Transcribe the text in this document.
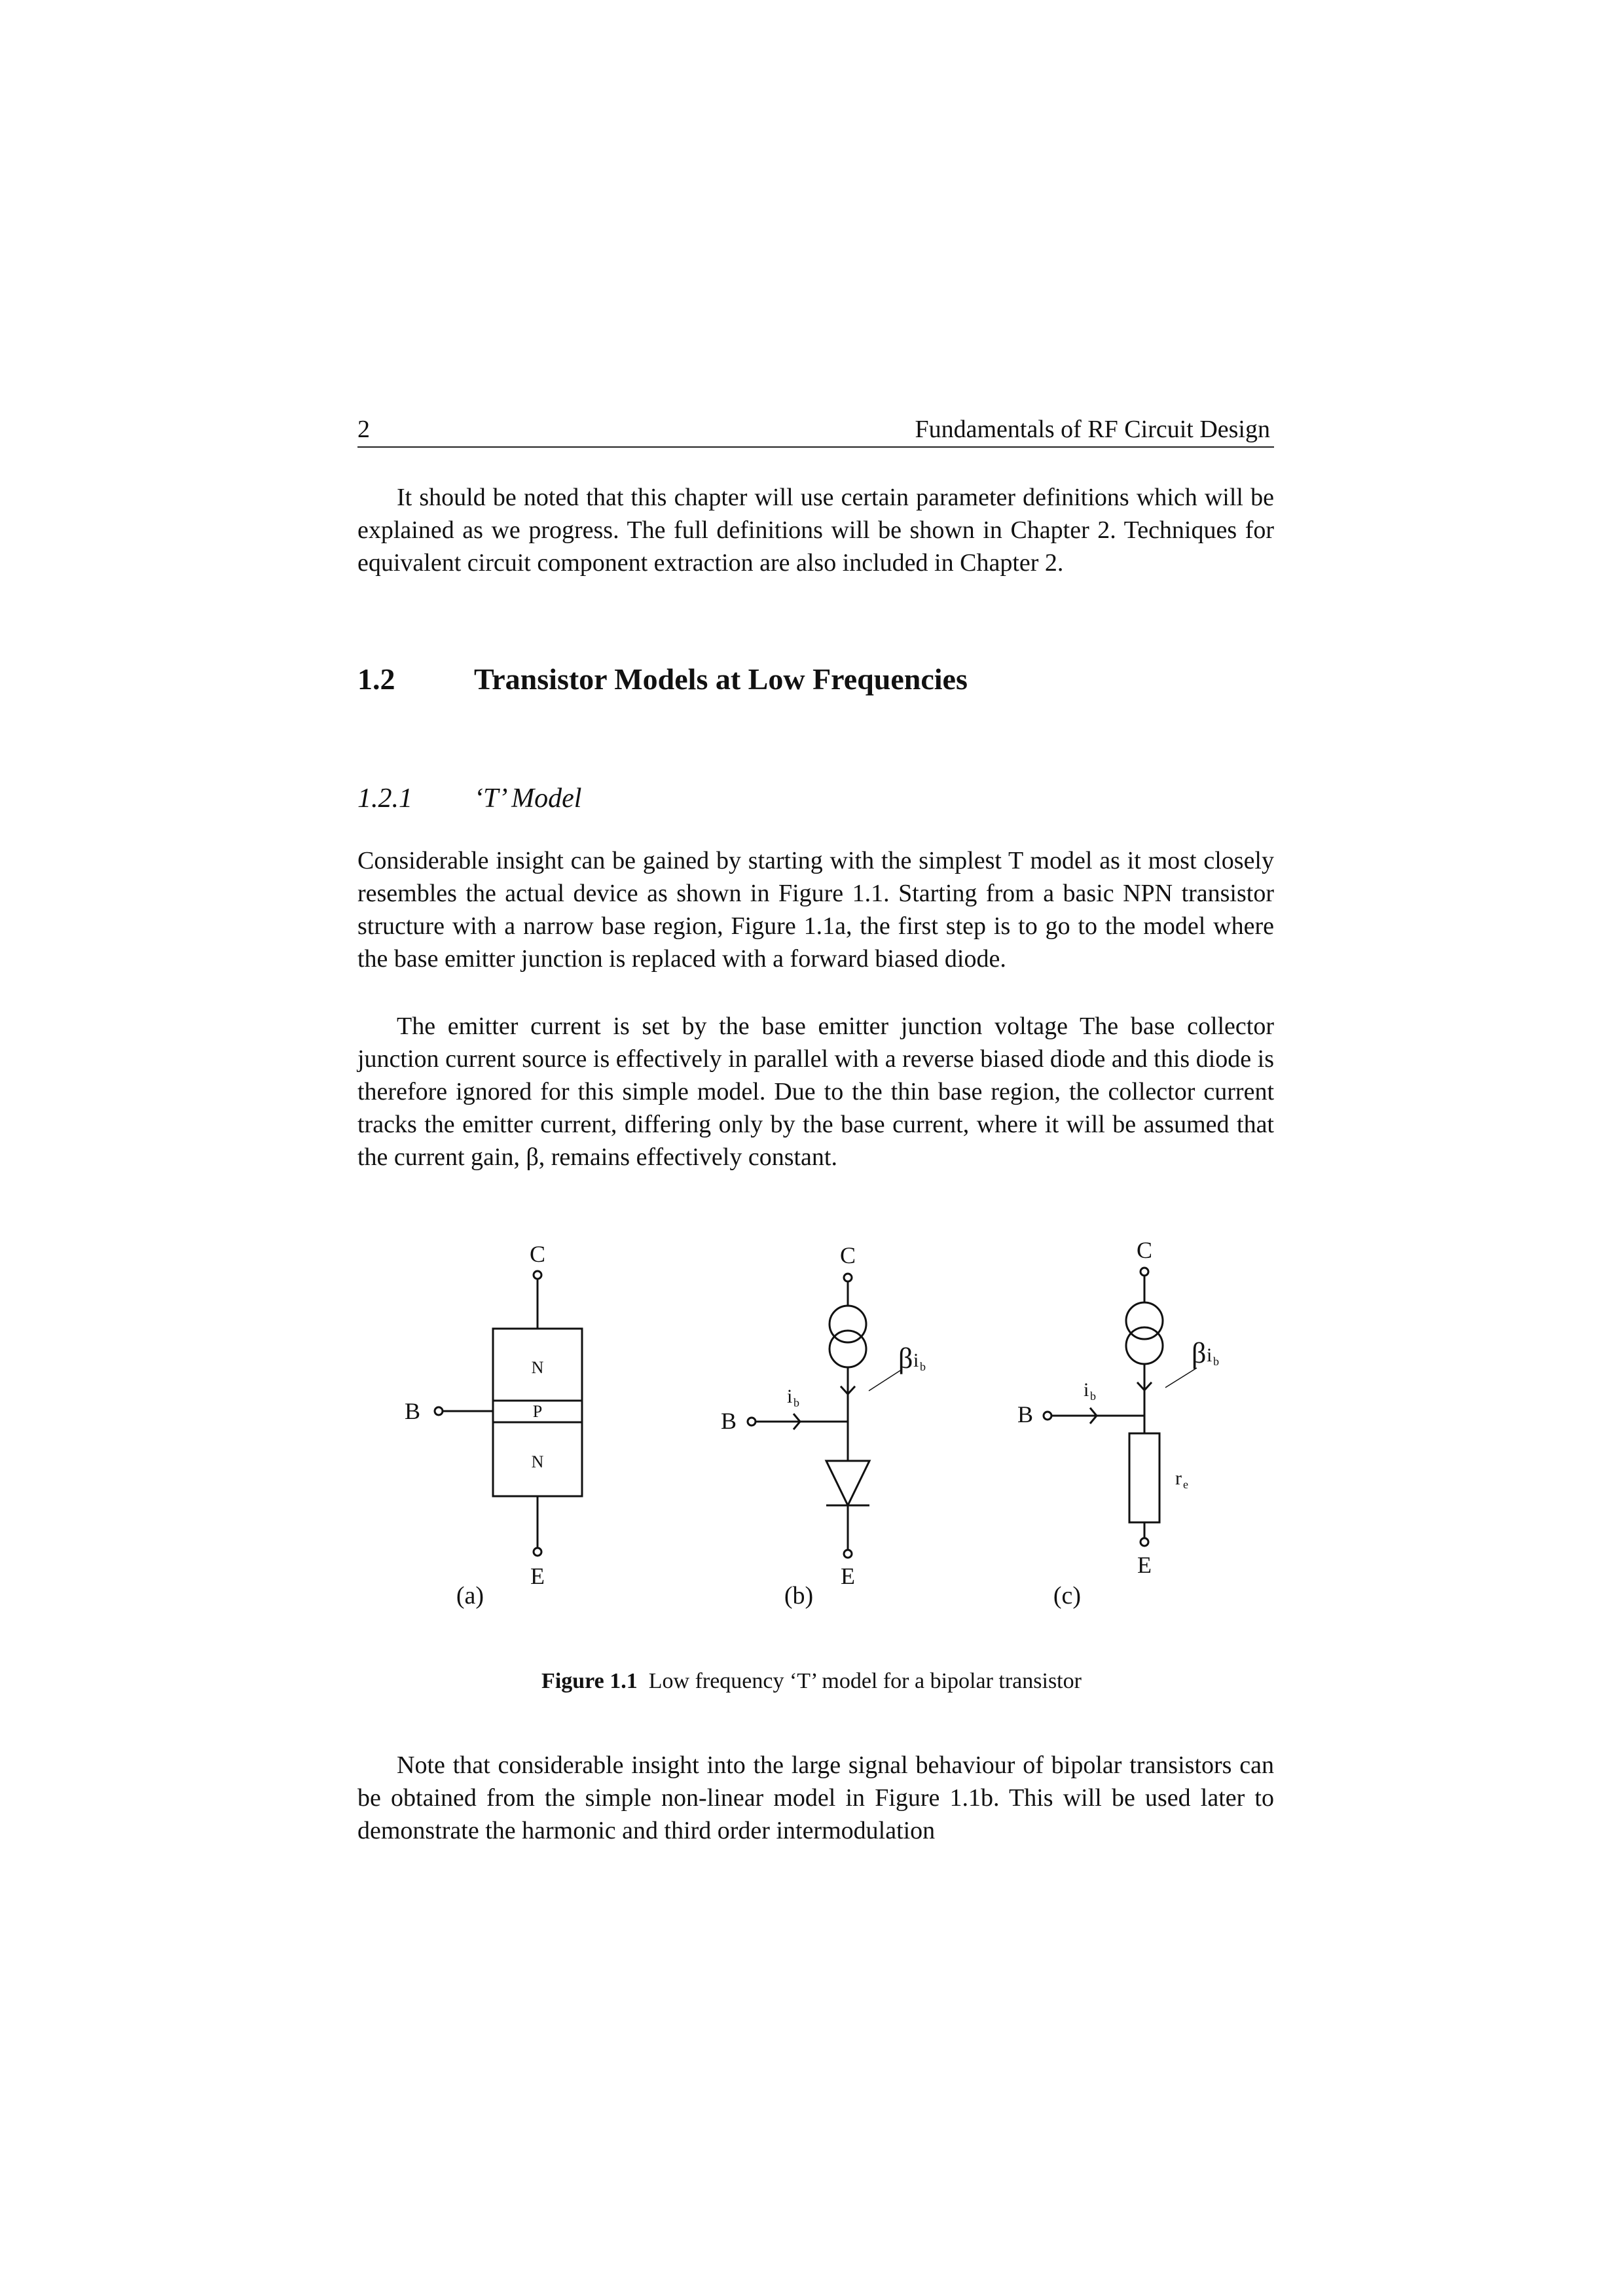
2	Fundamentals of RF Circuit Design

It should be noted that this chapter will use certain parameter definitions which will be explained as we progress. The full definitions will be shown in Chapter 2. Techniques for equivalent circuit component extraction are also included in Chapter 2.

1.2	Transistor Models at Low Frequencies
1.2.1 ‘T’ Model

Considerable insight can be gained by starting with the simplest T model as it most closely resembles the actual device as shown in Figure 1.1. Starting from a basic NPN transistor structure with a narrow base region, Figure 1.1a, the first step is to go to the model where the base emitter junction is replaced with a forward biased diode.

The emitter current is set by the base emitter junction voltage The base collector junction current source is effectively in parallel with a reverse biased diode and this diode is therefore ignored for this simple model. Due to the thin base region, the collector current tracks the emitter current, differing only by the base current, where it will be assumed that the current gain, β, remains effectively constant.

C
N
P
N
B
E
C
β i b
B
i b
E
C
β i b
B
i b
r e
E
(a)	(b)	(c)
Figure 1.1 Low frequency ‘T’ model for a bipolar transistor

Note that considerable insight into the large signal behaviour of bipolar transistors can be obtained from the simple non-linear model in Figure 1.1b. This will be used later to demonstrate the harmonic and third order intermodulation
